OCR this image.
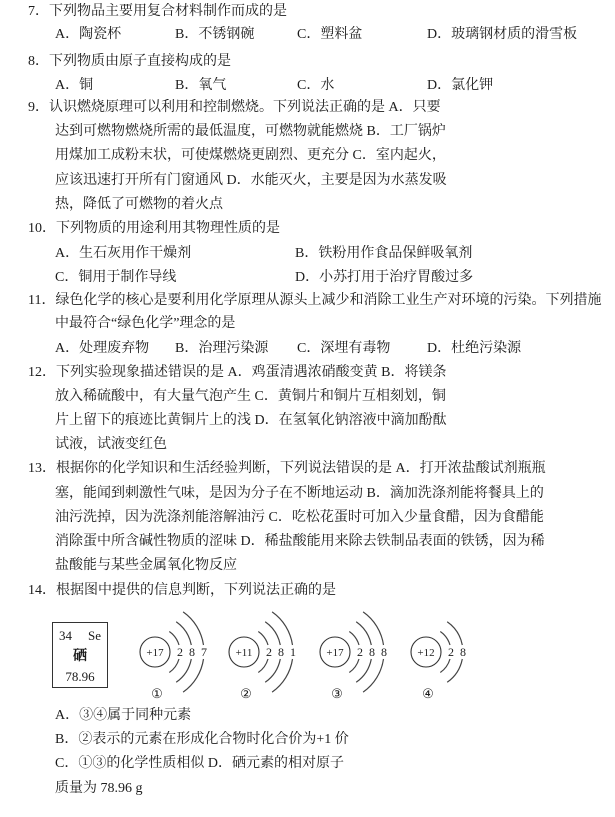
7．下列物品主要用复合材料制作而成的是
A．陶瓷杯	B．不锈钢碗	C．塑料盆	D．玻璃钢材质的滑雪板
8．下列物质由原子直接构成的是
A．铜	B．氧气	C．水	D．氯化钾
9．认识燃烧原理可以利用和控制燃烧。下列说法正确的是 A．只要
达到可燃物燃烧所需的最低温度，可燃物就能燃烧 B．工厂锅炉
用煤加工成粉末状，可使煤燃烧更剧烈、更充分 C．室内起火，
应该迅速打开所有门窗通风 D．水能灭火，主要是因为水蒸发吸
热，降低了可燃物的着火点
10．下列物质的用途利用其物理性质的是
A．生石灰用作干燥剂	B．铁粉用作食品保鲜吸氧剂
C．铜用于制作导线	D．小苏打用于治疗胃酸过多
11．绿色化学的核心是要利用化学原理从源头上减少和消除工业生产对环境的污染。下列措施
中最符合“绿色化学”理念的是
A．处理废弃物	B．治理污染源	C．深埋有毒物	D．杜绝污染源
12．下列实验现象描述错误的是 A．鸡蛋清遇浓硝酸变黄 B．将镁条
放入稀硫酸中，有大量气泡产生 C．黄铜片和铜片互相刻划，铜
片上留下的痕迹比黄铜片上的浅 D．在氢氧化钠溶液中滴加酚酞
试液，试液变红色
13．根据你的化学知识和生活经验判断，下列说法错误的是 A．打开浓盐酸试剂瓶瓶
塞，能闻到刺激性气味，是因为分子在不断地运动 B．滴加洗涤剂能将餐具上的
油污洗掉，因为洗涤剂能溶解油污 C．吃松花蛋时可加入少量食醋，因为食醋能
消除蛋中所含碱性物质的涩味 D．稀盐酸能用来除去铁制品表面的铁锈，因为稀
盐酸能与某些金属氧化物反应
14．根据图中提供的信息判断，下列说法正确的是
34 Se
硒
78.96
+17 2 8 7
①
+11 2 8 1
②
+17 2 8 8
③
+12 2 8
④
A．③④属于同种元素
B．②表示的元素在形成化合物时化合价为+1 价
C．①③的化学性质相似 D．硒元素的相对原子
质量为 78.96 g
